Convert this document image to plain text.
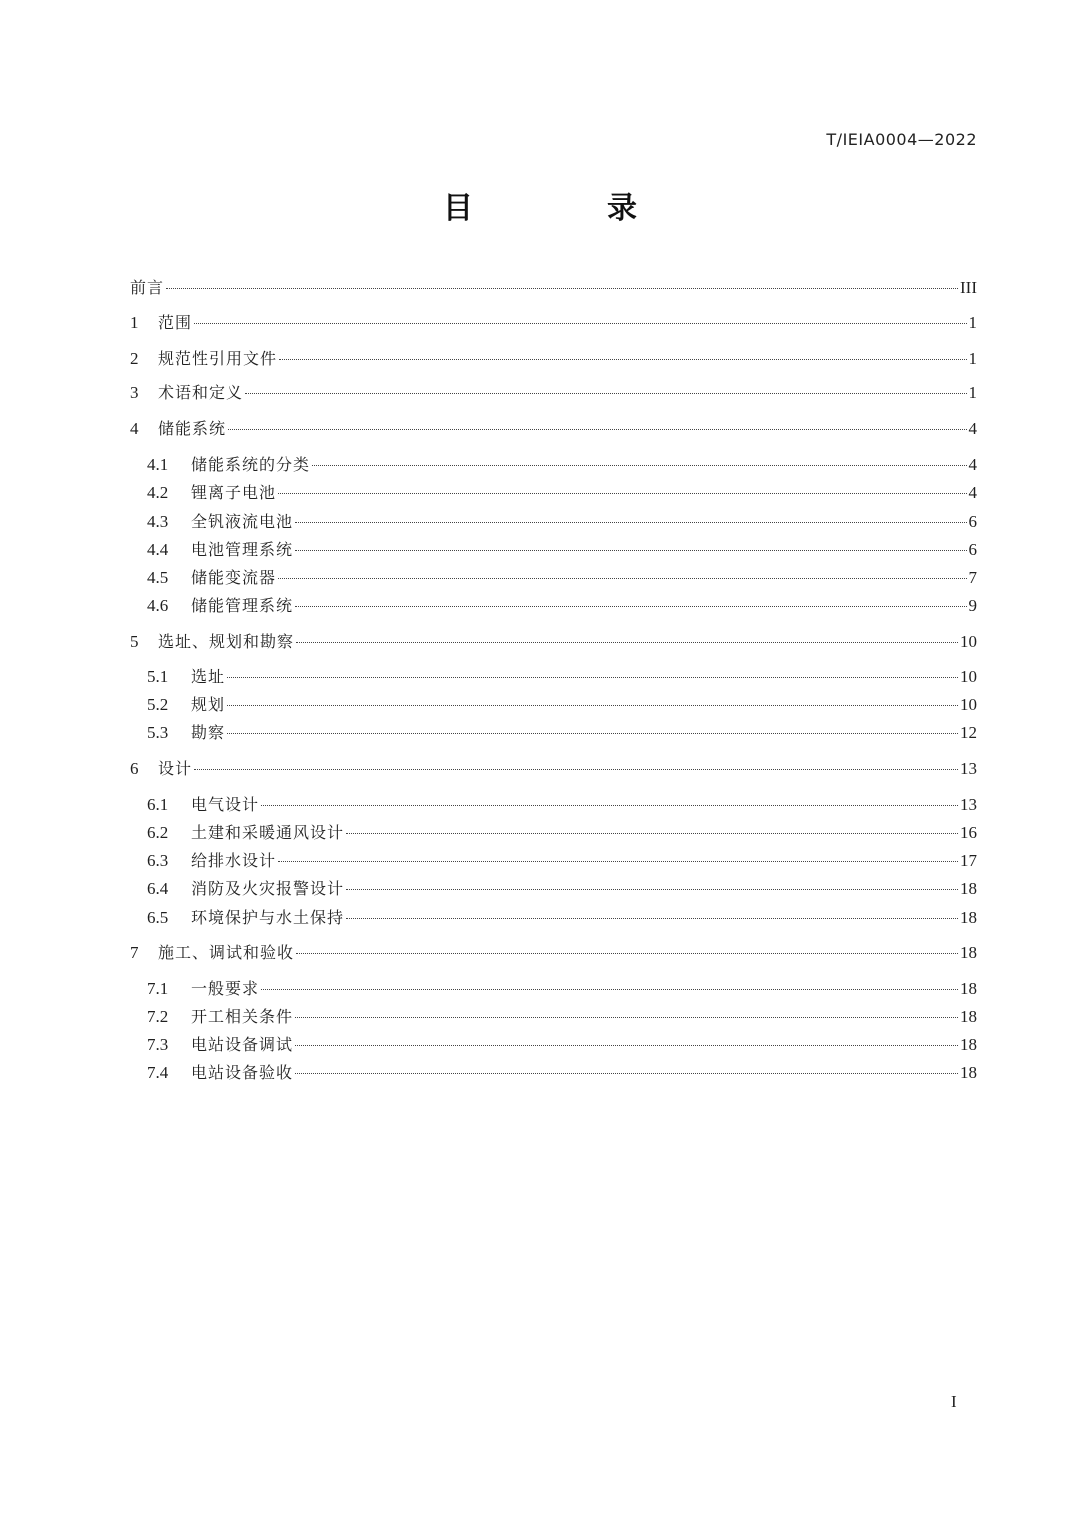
T/IEIA0004—2022
目　录
前言	III
1	范围	1
2	规范性引用文件	1
3	术语和定义	1
4	储能系统	4
4.1	储能系统的分类	4
4.2	锂离子电池	4
4.3	全钒液流电池	6
4.4	电池管理系统	6
4.5	储能变流器	7
4.6	储能管理系统	9
5	选址、规划和勘察	10
5.1	选址	10
5.2	规划	10
5.3	勘察	12
6	设计	13
6.1	电气设计	13
6.2	土建和采暖通风设计	16
6.3	给排水设计	17
6.4	消防及火灾报警设计	18
6.5	环境保护与水土保持	18
7	施工、调试和验收	18
7.1	一般要求	18
7.2	开工相关条件	18
7.3	电站设备调试	18
7.4	电站设备验收	18
I
